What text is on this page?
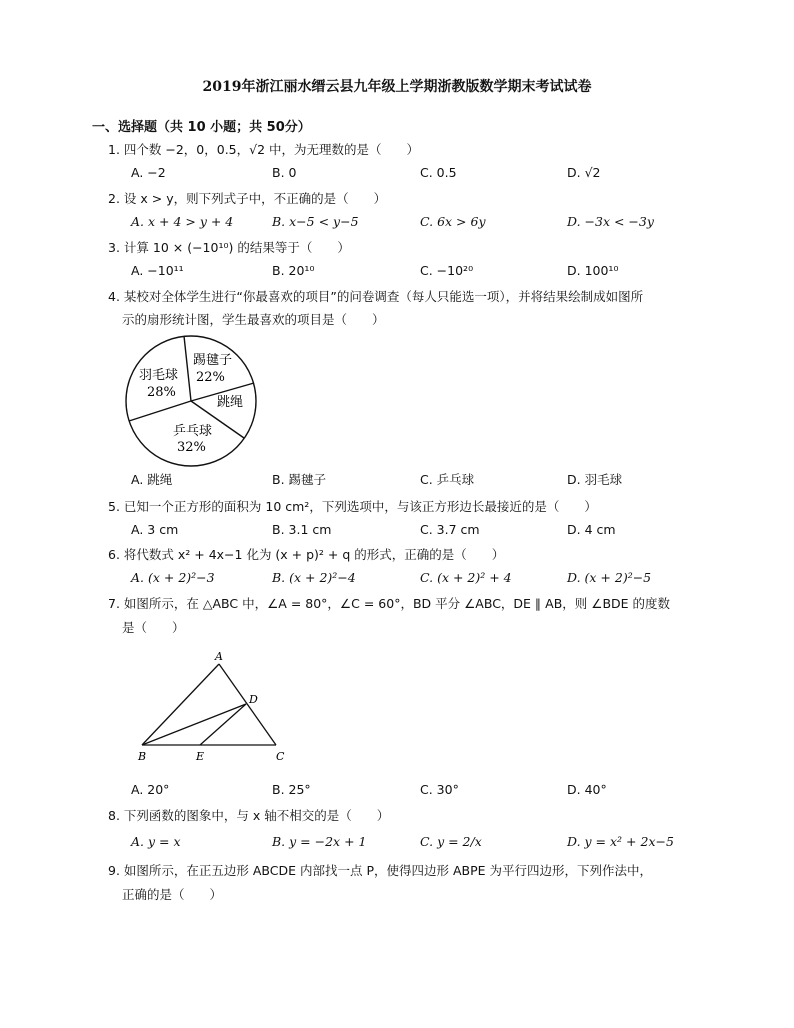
2019年浙江丽水缙云县九年级上学期浙教版数学期末考试试卷
一、选择题（共 10 小题；共 50分）
1. 四个数 −2，0，0.5，√2 中，为无理数的是（　　）
A. −2	B. 0	C. 0.5	D. √2
2. 设 x > y，则下列式子中，不正确的是（　　）
A. x + 4 > y + 4	B. x−5 < y−5	C. 6x > 6y	D. −3x < −3y
3. 计算 10 × (−10¹⁰) 的结果等于（　　）
A. −10¹¹	B. 20¹⁰	C. −10²⁰	D. 100¹⁰
4. 某校对全体学生进行“你最喜欢的项目”的问卷调查（每人只能选一项），并将结果绘制成如图所
示的扇形统计图，学生最喜欢的项目是（　　）
踢毽子
22%
跳绳
乒乓球
32%
羽毛球
28%
A. 跳绳	B. 踢毽子	C. 乒乓球	D. 羽毛球
5. 已知一个正方形的面积为 10 cm²，下列选项中，与该正方形边长最接近的是（　　）
A. 3 cm	B. 3.1 cm	C. 3.7 cm	D. 4 cm
6. 将代数式 x² + 4x−1 化为 (x + p)² + q 的形式，正确的是（　　）
A. (x + 2)²−3	B. (x + 2)²−4	C. (x + 2)² + 4	D. (x + 2)²−5
7. 如图所示，在 △ABC 中，∠A = 80°，∠C = 60°，BD 平分 ∠ABC，DE ∥ AB，则 ∠BDE 的度数
是（　　）
A
B	C
D
E
A. 20°	B. 25°	C. 30°	D. 40°
8. 下列函数的图象中，与 x 轴不相交的是（　　）
A. y = x	B. y = −2x + 1	C. y = 2/x	D. y = x² + 2x−5
9. 如图所示，在正五边形 ABCDE 内部找一点 P，使得四边形 ABPE 为平行四边形，下列作法中，
正确的是（　　）
